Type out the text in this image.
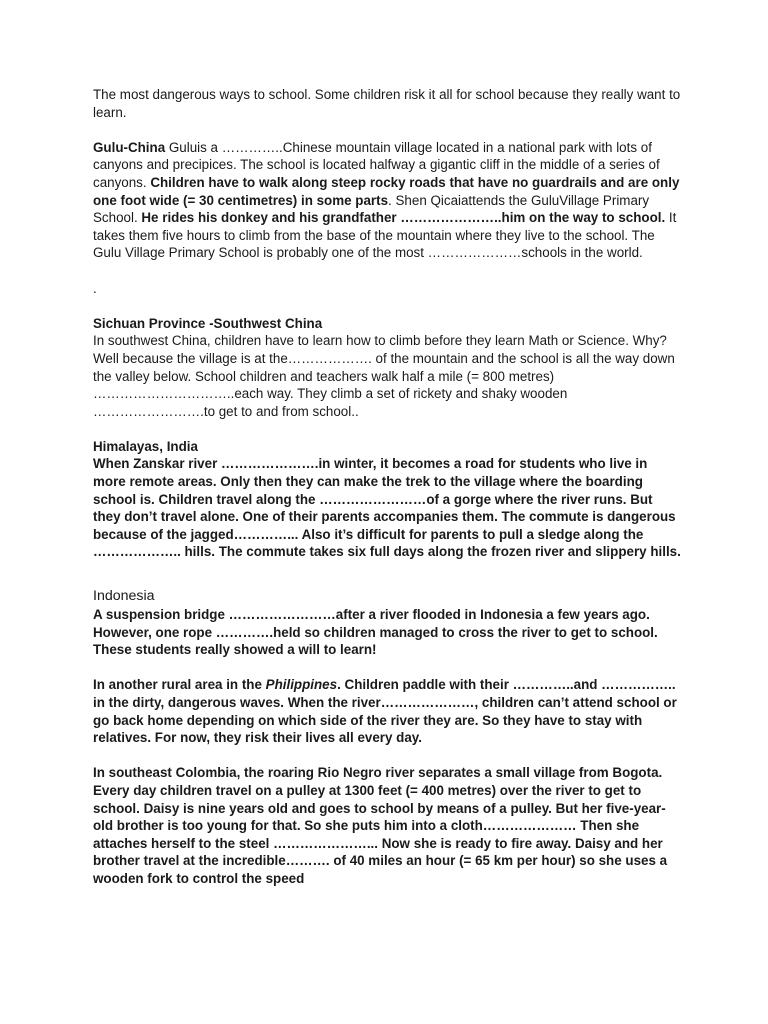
The most dangerous ways to school. Some children risk it all for school because they really want to learn.

Gulu-China Guluis a …………..Chinese mountain village located in a national park with lots of canyons and precipices. The school is located halfway a gigantic cliff in the middle of a series of canyons. Children have to walk along steep rocky roads that have no guardrails and are only one foot wide (= 30 centimetres) in some parts. Shen Qicaiattends the GuluVillage Primary School. He rides his donkey and his grandfather …………………..him on the way to school. It takes them five hours to climb from the base of the mountain where they live to the school. The Gulu Village Primary School is probably one of the most …………………schools in the world.

.

Sichuan Province -Southwest China

In southwest China, children have to learn how to climb before they learn Math or Science. Why? Well because the village is at the………………. of the mountain and the school is all the way down the valley below. School children and teachers walk half a mile (= 800 metres) …………………………..each way. They climb a set of rickety and shaky wooden …………………….to get to and from school..

Himalayas, India

When Zanskar river ………………….in winter, it becomes a road for students who live in more remote areas. Only then they can make the trek to the village where the boarding school is. Children travel along the ……………………of a gorge where the river runs. But they don’t travel alone. One of their parents accompanies them. The commute is dangerous because of the jagged…………... Also it’s difficult for parents to pull a sledge along the ……………….. hills. The commute takes six full days along the frozen river and slippery hills.

Indonesia

A suspension bridge ……………………after a river flooded in Indonesia a few years ago. However, one rope ………….held so children managed to cross the river to get to school. These students really showed a will to learn!

In another rural area in the Philippines. Children paddle with their …………..and …………….. in the dirty, dangerous waves. When the river…………………, children can’t attend school or go back home depending on which side of the river they are. So they have to stay with relatives. For now, they risk their lives all every day.

In southeast Colombia, the roaring Rio Negro river separates a small village from Bogota. Every day children travel on a pulley at 1300 feet (= 400 metres) over the river to get to school. Daisy is nine years old and goes to school by means of a pulley. But her five-year-old brother is too young for that. So she puts him into a cloth………………… Then she attaches herself to the steel …………………... Now she is ready to fire away. Daisy and her brother travel at the incredible………. of 40 miles an hour (= 65 km per hour) so she uses a wooden fork to control the speed
